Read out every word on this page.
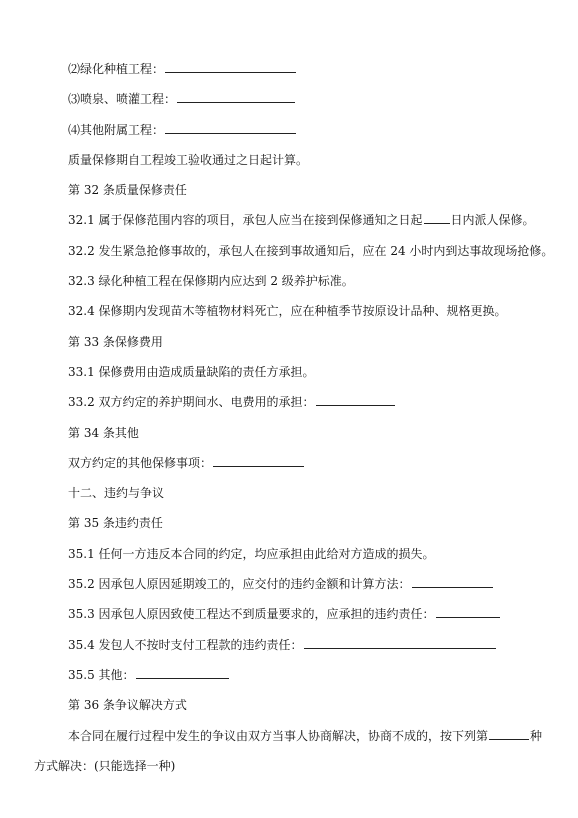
⑵绿化种植工程：

⑶喷泉、喷灌工程：

⑷其他附属工程：

质量保修期自工程竣工验收通过之日起计算。

第 32 条质量保修责任

32.1 属于保修范围内容的项目，承包人应当在接到保修通知之日起 日内派人保修。

32.2 发生紧急抢修事故的，承包人在接到事故通知后，应在 24 小时内到达事故现场抢修。

32.3 绿化种植工程在保修期内应达到 2 级养护标准。

32.4 保修期内发现苗木等植物材料死亡，应在种植季节按原设计品种、规格更换。

第 33 条保修费用

33.1 保修费用由造成质量缺陷的责任方承担。

33.2 双方约定的养护期间水、电费用的承担：

第 34 条其他

双方约定的其他保修事项：

十二、违约与争议

第 35 条违约责任

35.1 任何一方违反本合同的约定，均应承担由此给对方造成的损失。

35.2 因承包人原因延期竣工的，应交付的违约金额和计算方法：

35.3 因承包人原因致使工程达不到质量要求的，应承担的违约责任：

35.4 发包人不按时支付工程款的违约责任：

35.5 其他：

第 36 条争议解决方式

本合同在履行过程中发生的争议由双方当事人协商解决，协商不成的，按下列第	种

方式解决：(只能选择一种)
